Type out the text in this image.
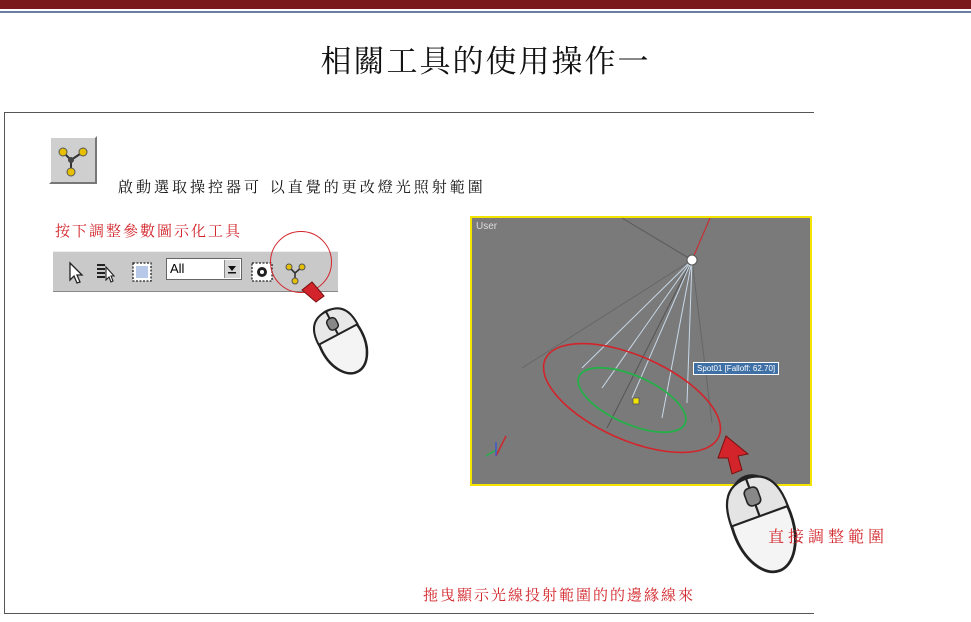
相關工具的使用操作一
啟動選取操控器可 以直覺的更改燈光照射範圍
按下調整參數圖示化工具
All
User
Spot01 [Falloff: 62.70]
直接調整範圍
拖曳顯示光線投射範圍的的邊緣線來
